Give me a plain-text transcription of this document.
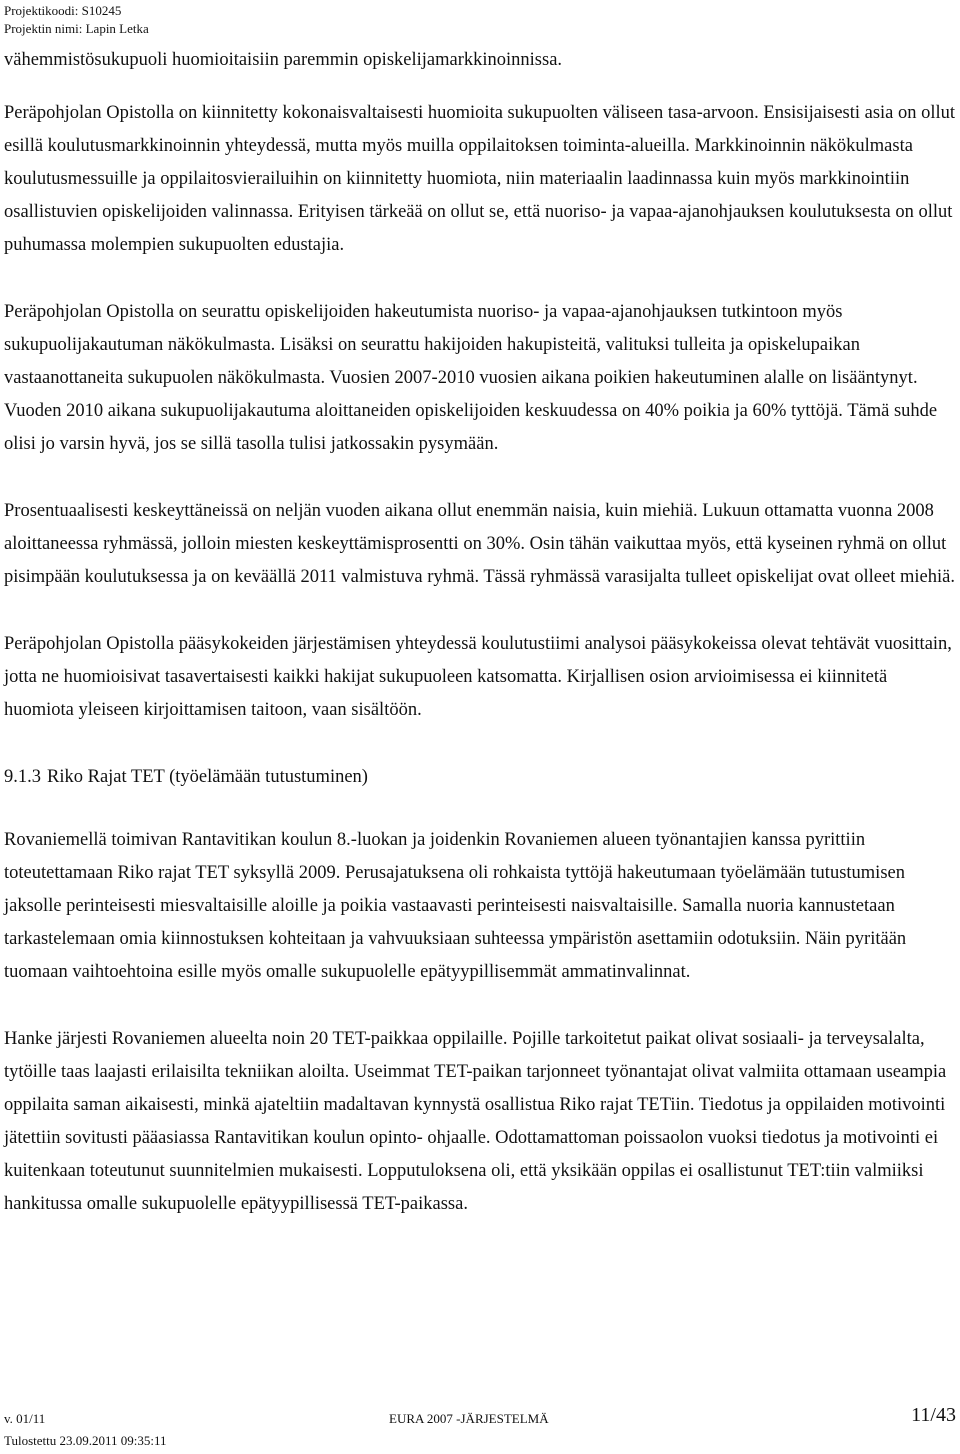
Projektikoodi: S10245
Projektin nimi: Lapin Letka

vähemmistösukupuoli huomioitaisiin paremmin opiskelijamarkkinoinnissa.

Peräpohjolan Opistolla on kiinnitetty kokonaisvaltaisesti huomioita sukupuolten väliseen tasa-arvoon. Ensisijaisesti asia on ollut esillä koulutusmarkkinoinnin yhteydessä, mutta myös muilla oppilaitoksen toiminta-alueilla. Markkinoinnin näkökulmasta koulutusmessuille ja oppilaitosvierailuihin on kiinnitetty huomiota, niin materiaalin laadinnassa kuin myös markkinointiin osallistuvien opiskelijoiden valinnassa. Erityisen tärkeää on ollut se, että nuoriso- ja vapaa-ajanohjauksen koulutuksesta on ollut puhumassa molempien sukupuolten edustajia.

Peräpohjolan Opistolla on seurattu opiskelijoiden hakeutumista nuoriso- ja vapaa-ajanohjauksen tutkintoon myös sukupuolijakautuman näkökulmasta. Lisäksi on seurattu hakijoiden hakupisteitä, valituksi tulleita ja opiskelupaikan vastaanottaneita sukupuolen näkökulmasta. Vuosien 2007-2010 vuosien aikana poikien hakeutuminen alalle on lisääntynyt. Vuoden 2010 aikana sukupuolijakautuma aloittaneiden opiskelijoiden keskuudessa on 40% poikia ja 60% tyttöjä. Tämä suhde olisi jo varsin hyvä, jos se sillä tasolla tulisi jatkossakin pysymään.

Prosentuaalisesti keskeyttäneissä on neljän vuoden aikana ollut enemmän naisia, kuin miehiä. Lukuun ottamatta vuonna 2008 aloittaneessa ryhmässä, jolloin miesten keskeyttämisprosentti on 30%. Osin tähän vaikuttaa myös, että kyseinen ryhmä on ollut pisimpään koulutuksessa ja on keväällä 2011 valmistuva ryhmä. Tässä ryhmässä varasijalta tulleet opiskelijat ovat olleet miehiä.

Peräpohjolan Opistolla pääsykokeiden järjestämisen yhteydessä koulutustiimi analysoi pääsykokeissa olevat tehtävät vuosittain, jotta ne huomioisivat tasavertaisesti kaikki hakijat sukupuoleen katsomatta. Kirjallisen osion arvioimisessa ei kiinnitetä huomiota yleiseen kirjoittamisen taitoon, vaan sisältöön.

9.1.3 Riko Rajat TET (työelämään tutustuminen)

Rovaniemellä toimivan Rantavitikan koulun 8.-luokan ja joidenkin Rovaniemen alueen työnantajien kanssa pyrittiin toteutettamaan Riko rajat TET syksyllä 2009. Perusajatuksena oli rohkaista tyttöjä hakeutumaan työelämään tutustumisen jaksolle perinteisesti miesvaltaisille aloille ja poikia vastaavasti perinteisesti naisvaltaisille. Samalla nuoria kannustetaan tarkastelemaan omia kiinnostuksen kohteitaan ja vahvuuksiaan suhteessa ympäristön asettamiin odotuksiin. Näin pyritään tuomaan vaihtoehtoina esille myös omalle sukupuolelle epätyypillisemmät ammatinvalinnat.

Hanke järjesti Rovaniemen alueelta noin 20 TET-paikkaa oppilaille. Pojille tarkoitetut paikat olivat sosiaali- ja terveysalalta, tytöille taas laajasti erilaisilta tekniikan aloilta. Useimmat TET-paikan tarjonneet työnantajat olivat valmiita ottamaan useampia oppilaita saman aikaisesti, minkä ajateltiin madaltavan kynnystä osallistua Riko rajat TETiin. Tiedotus ja oppilaiden motivointi jätettiin sovitusti pääasiassa Rantavitikan koulun opinto- ohjaalle. Odottamattoman poissaolon vuoksi tiedotus ja motivointi ei kuitenkaan toteutunut suunnitelmien mukaisesti. Lopputuloksena oli, että yksikään oppilas ei osallistunut TET:tiin valmiiksi hankitussa omalle sukupuolelle epätyypillisessä TET-paikassa.

v. 01/11
Tulostettu 23.09.2011 09:35:11
EURA 2007 -JÄRJESTELMÄ	11/43
